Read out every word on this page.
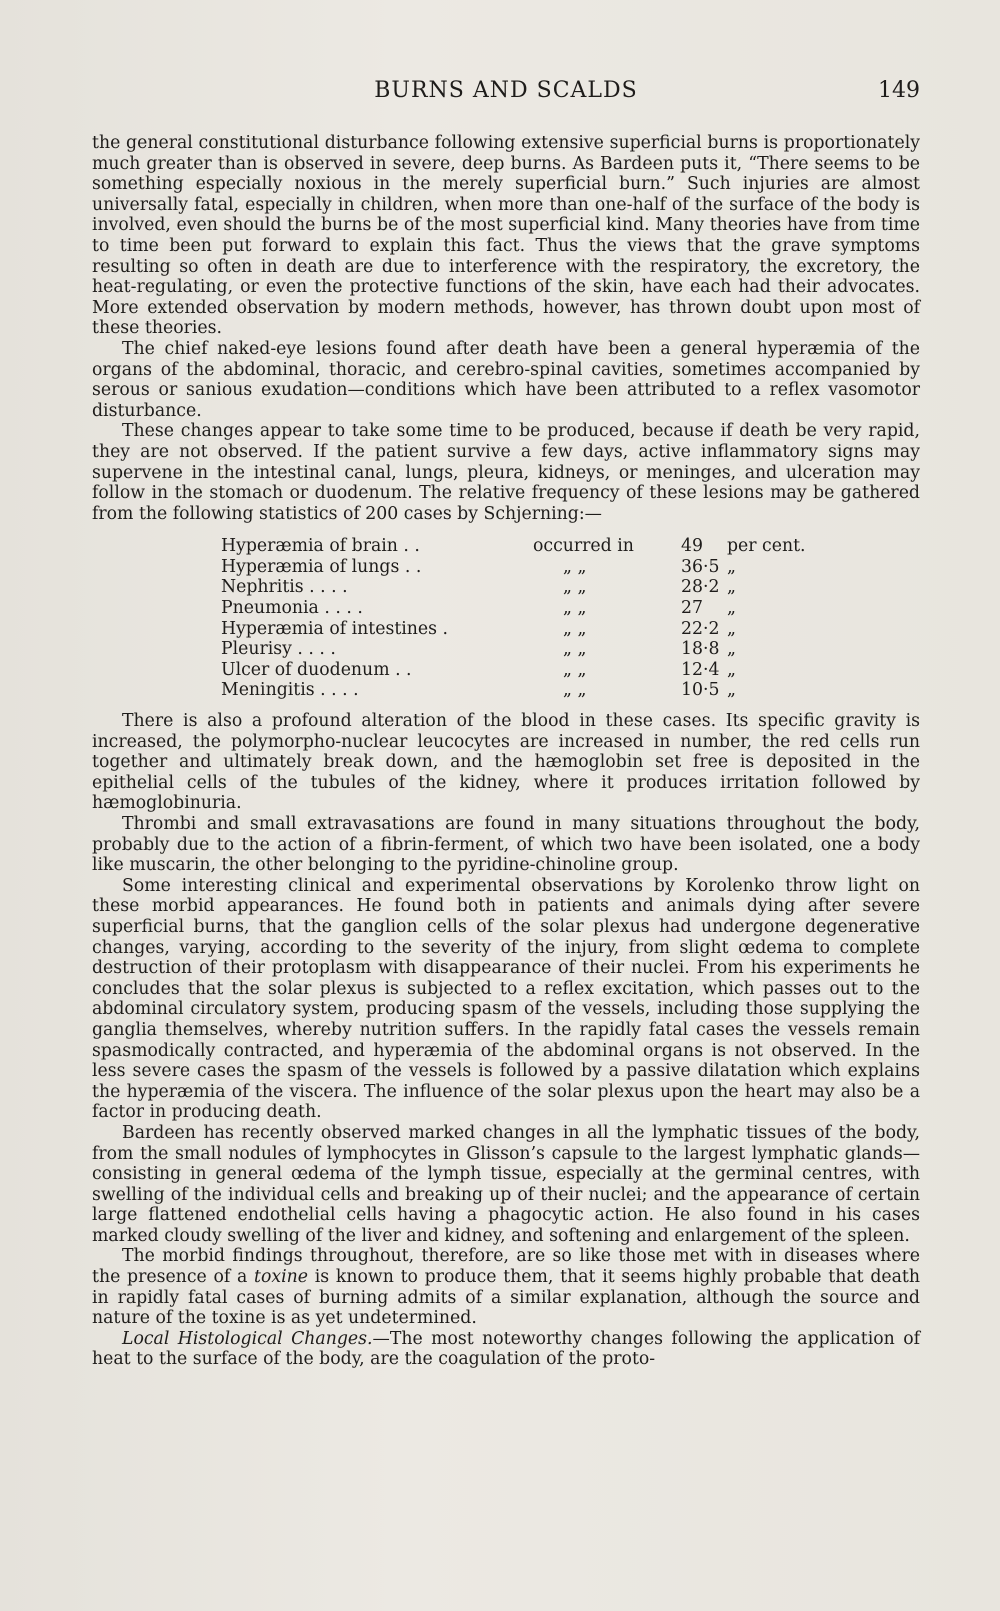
BURNS AND SCALDS	149

the general constitutional disturbance following extensive superficial burns is proportionately much greater than is observed in severe, deep burns. As Bardeen puts it, “There seems to be something especially noxious in the merely superficial burn.” Such injuries are almost universally fatal, especially in children, when more than one-half of the surface of the body is involved, even should the burns be of the most superficial kind. Many theories have from time to time been put forward to explain this fact. Thus the views that the grave symptoms resulting so often in death are due to interference with the respiratory, the excretory, the heat-regulating, or even the protective functions of the skin, have each had their advocates. More extended observation by modern methods, however, has thrown doubt upon most of these theories.

The chief naked-eye lesions found after death have been a general hyperæmia of the organs of the abdominal, thoracic, and cerebro-spinal cavities, sometimes accompanied by serous or sanious exudation—conditions which have been attributed to a reflex vasomotor disturbance.

These changes appear to take some time to be produced, because if death be very rapid, they are not observed. If the patient survive a few days, active inflammatory signs may supervene in the intestinal canal, lungs, pleura, kidneys, or meninges, and ulceration may follow in the stomach or duodenum. The relative frequency of these lesions may be gathered from the following statistics of 200 cases by Schjerning:—

Hyperæmia of brain . .	occurred in	49	per cent.
Hyperæmia of lungs . .	„ „	36·5	„
Nephritis . . . .	„ „	28·2	„
Pneumonia . . . .	„ „	27	„
Hyperæmia of intestines .	„ „	22·2	„
Pleurisy . . . .	„ „	18·8	„
Ulcer of duodenum . .	„ „	12·4	„
Meningitis . . . .	„ „	10·5	„

There is also a profound alteration of the blood in these cases. Its specific gravity is increased, the polymorpho-nuclear leucocytes are increased in number, the red cells run together and ultimately break down, and the hæmoglobin set free is deposited in the epithelial cells of the tubules of the kidney, where it produces irritation followed by hæmoglobinuria.

Thrombi and small extravasations are found in many situations throughout the body, probably due to the action of a fibrin-ferment, of which two have been isolated, one a body like muscarin, the other belonging to the pyridine-chinoline group.

Some interesting clinical and experimental observations by Korolenko throw light on these morbid appearances. He found both in patients and animals dying after severe superficial burns, that the ganglion cells of the solar plexus had undergone degenerative changes, varying, according to the severity of the injury, from slight œdema to complete destruction of their protoplasm with disappearance of their nuclei. From his experiments he concludes that the solar plexus is subjected to a reflex excitation, which passes out to the abdominal circulatory system, producing spasm of the vessels, including those supplying the ganglia themselves, whereby nutrition suffers. In the rapidly fatal cases the vessels remain spasmodically contracted, and hyperæmia of the abdominal organs is not observed. In the less severe cases the spasm of the vessels is followed by a passive dilatation which explains the hyperæmia of the viscera. The influence of the solar plexus upon the heart may also be a factor in producing death.

Bardeen has recently observed marked changes in all the lymphatic tissues of the body, from the small nodules of lymphocytes in Glisson’s capsule to the largest lymphatic glands—consisting in general œdema of the lymph tissue, especially at the germinal centres, with swelling of the individual cells and breaking up of their nuclei; and the appearance of certain large flattened endothelial cells having a phagocytic action. He also found in his cases marked cloudy swelling of the liver and kidney, and softening and enlargement of the spleen.

The morbid findings throughout, therefore, are so like those met with in diseases where the presence of a toxine is known to produce them, that it seems highly probable that death in rapidly fatal cases of burning admits of a similar explanation, although the source and nature of the toxine is as yet undetermined.

Local Histological Changes.—The most noteworthy changes following the application of heat to the surface of the body, are the coagulation of the proto-
